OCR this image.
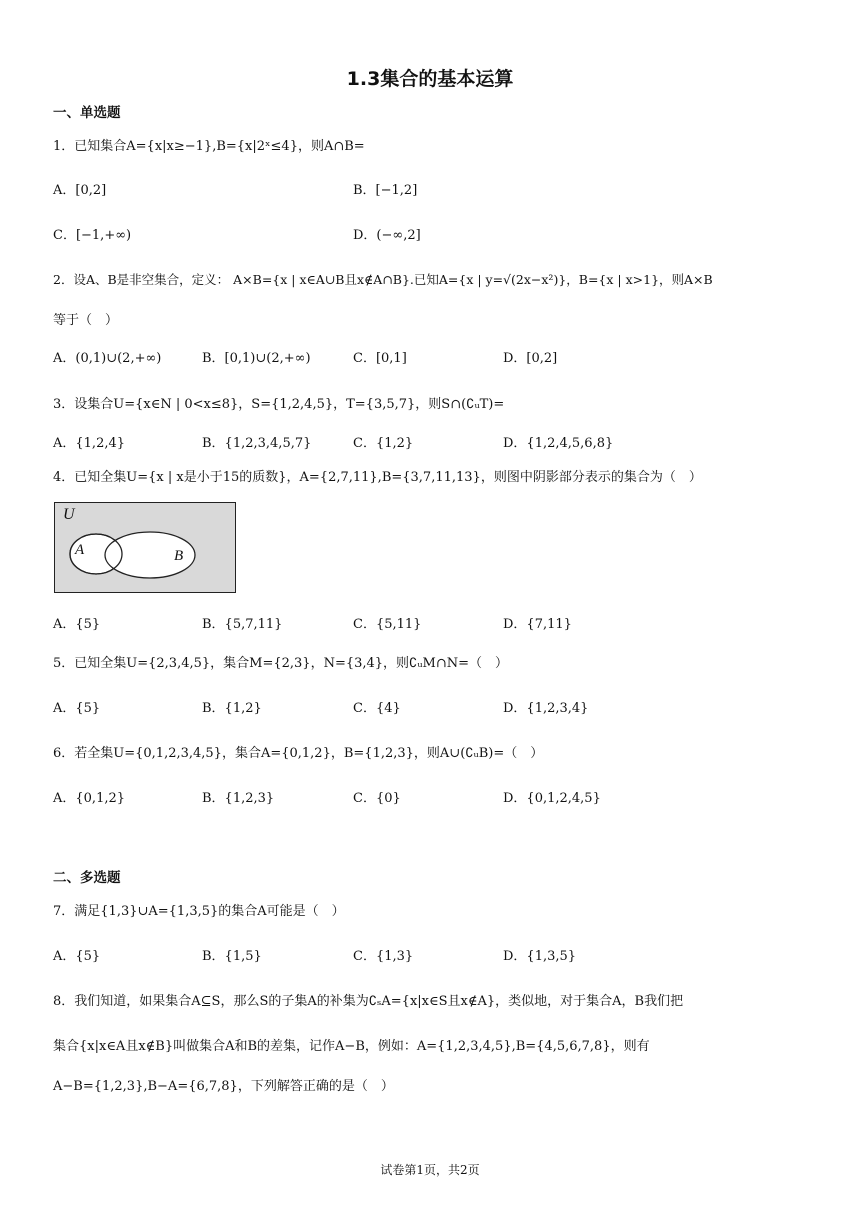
1.3集合的基本运算
一、单选题
1．已知集合A={x|x≥−1},B={x|2ˣ≤4}，则A∩B=
A．[0,2]	B．[−1,2]
C．[−1,+∞)	D．(−∞,2]
2．设A、B是非空集合，定义： A×B={x | x∈A∪B且x∉A∩B}.已知A={x | y=√(2x−x²)}，B={x | x>1}，则A×B
等于（　）
A．(0,1)∪(2,+∞)	B．[0,1)∪(2,+∞)	C．[0,1]	D．[0,2]
3．设集合U={x∈N | 0<x≤8}，S={1,2,4,5}，T={3,5,7}，则S∩(∁ᵤT)=
A．{1,2,4}	B．{1,2,3,4,5,7}	C．{1,2}	D．{1,2,4,5,6,8}
4．已知全集U={x | x是小于15的质数}，A={2,7,11},B={3,7,11,13}，则图中阴影部分表示的集合为（　）
U
A	B
A．{5}	B．{5,7,11}	C．{5,11}	D．{7,11}
5．已知全集U={2,3,4,5}，集合M={2,3}，N={3,4}，则∁ᵤM∩N=（　）
A．{5}	B．{1,2}	C．{4}	D．{1,2,3,4}
6．若全集U={0,1,2,3,4,5}，集合A={0,1,2}，B={1,2,3}，则A∪(∁ᵤB)=（　）
A．{0,1,2}	B．{1,2,3}	C．{0}	D．{0,1,2,4,5}
二、多选题
7．满足{1,3}∪A={1,3,5}的集合A可能是（　）
A．{5}	B．{1,5}	C．{1,3}	D．{1,3,5}
8．我们知道，如果集合A⊆S，那么S的子集A的补集为∁ₛA={x|x∈S且x∉A}，类似地，对于集合A，B我们把
集合{x|x∈A且x∉B}叫做集合A和B的差集，记作A−B，例如：A={1,2,3,4,5},B={4,5,6,7,8}，则有
A−B={1,2,3},B−A={6,7,8}，下列解答正确的是（　）
试卷第1页，共2页
